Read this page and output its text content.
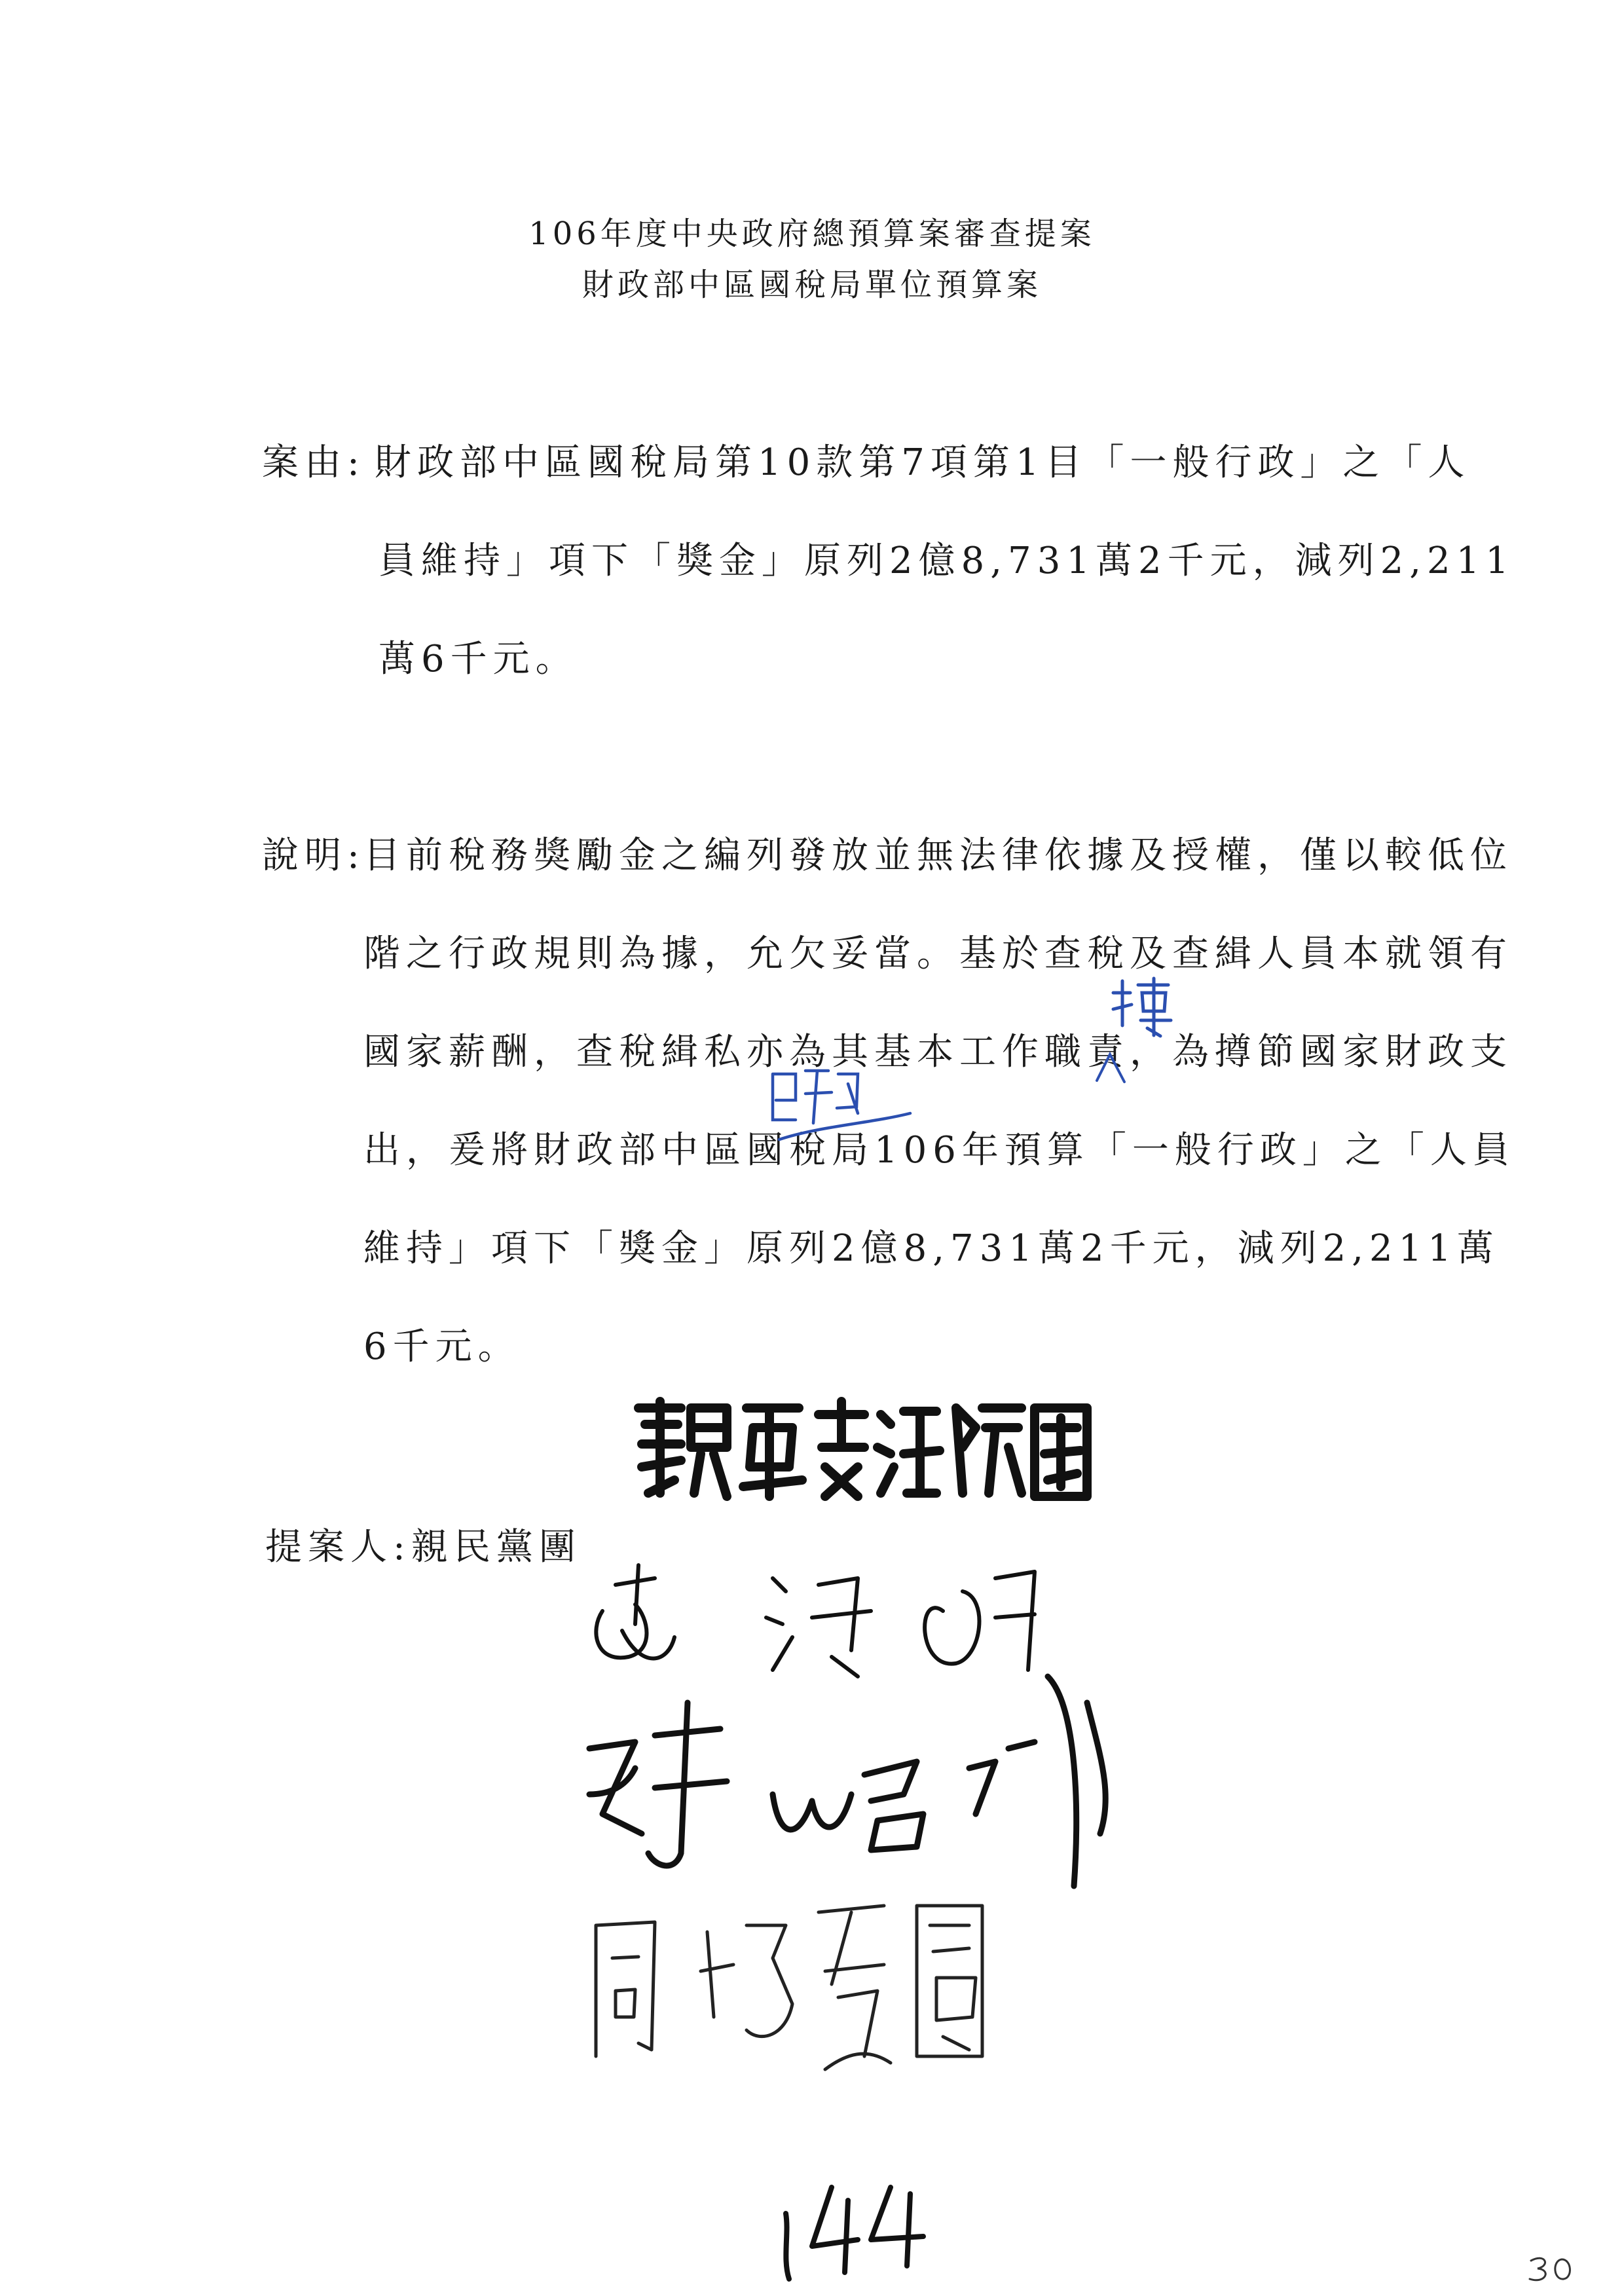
106年度中央政府總預算案審查提案
財政部中區國稅局單位預算案
案由: 財政部中區國稅局第10款第7項第1目「一般行政」之「人
員維持」項下「獎金」原列2億8,731萬2千元，減列2,211
萬6千元。
說明:
目前稅務獎勵金之編列發放並無法律依據及授權，僅以較低位
階之行政規則為據，允欠妥當。基於查稅及查緝人員本就領有
國家薪酬，查稅緝私亦為其基本工作職責，為撙節國家財政支
出，爰將財政部中區國稅局106年預算「一般行政」之「人員
維持」項下「獎金」原列2億8,731萬2千元，減列2,211萬
6千元。
提案人:親民黨團
